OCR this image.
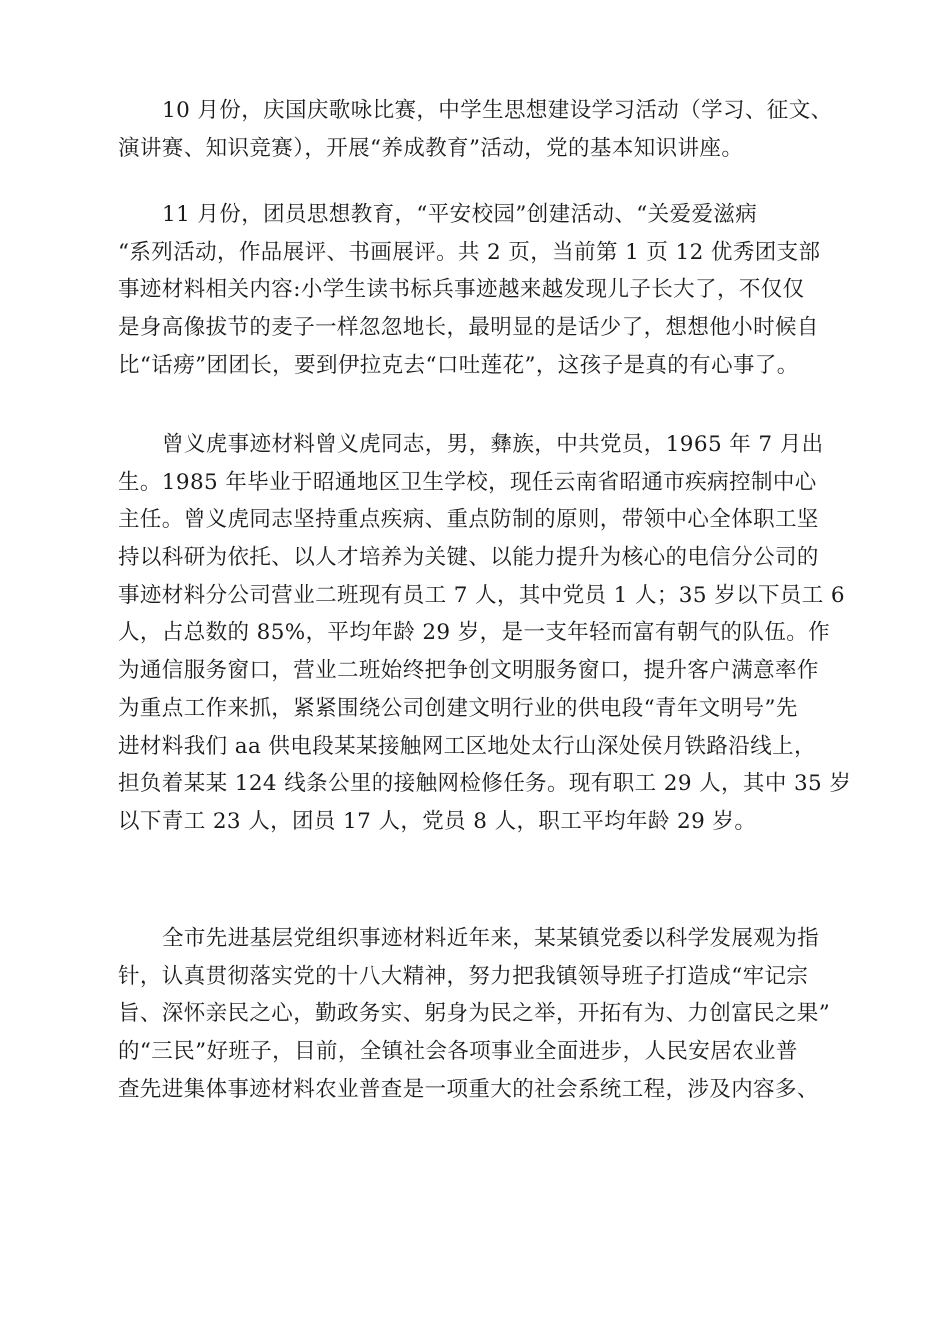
10 月份，庆国庆歌咏比赛，中学生思想建设学习活动（学习、征文、
演讲赛、知识竞赛），开展“养成教育”活动，党的基本知识讲座。

11 月份，团员思想教育，“平安校园”创建活动、“关爱爱滋病
“系列活动，作品展评、书画展评。共 2 页，当前第 1 页 12 优秀团支部
事迹材料相关内容:小学生读书标兵事迹越来越发现儿子长大了，不仅仅
是身高像拔节的麦子一样忽忽地长，最明显的是话少了，想想他小时候自
比“话痨”团团长，要到伊拉克去“口吐莲花”，这孩子是真的有心事了。

曾义虎事迹材料曾义虎同志，男，彝族，中共党员，1965 年 7 月出
生。1985 年毕业于昭通地区卫生学校，现任云南省昭通市疾病控制中心
主任。曾义虎同志坚持重点疾病、重点防制的原则，带领中心全体职工坚
持以科研为依托、以人才培养为关键、以能力提升为核心的电信分公司的
事迹材料分公司营业二班现有员工 7 人，其中党员 1 人；35 岁以下员工 6
人，占总数的 85%，平均年龄 29 岁，是一支年轻而富有朝气的队伍。作
为通信服务窗口，营业二班始终把争创文明服务窗口，提升客户满意率作
为重点工作来抓，紧紧围绕公司创建文明行业的供电段“青年文明号”先
进材料我们 aa 供电段某某接触网工区地处太行山深处侯月铁路沿线上，
担负着某某 124 线条公里的接触网检修任务。现有职工 29 人，其中 35 岁
以下青工 23 人，团员 17 人，党员 8 人，职工平均年龄 29 岁。

全市先进基层党组织事迹材料近年来，某某镇党委以科学发展观为指
针，认真贯彻落实党的十八大精神，努力把我镇领导班子打造成“牢记宗
旨、深怀亲民之心，勤政务实、躬身为民之举，开拓有为、力创富民之果”
的“三民”好班子，目前，全镇社会各项事业全面进步，人民安居农业普
查先进集体事迹材料农业普查是一项重大的社会系统工程，涉及内容多、
